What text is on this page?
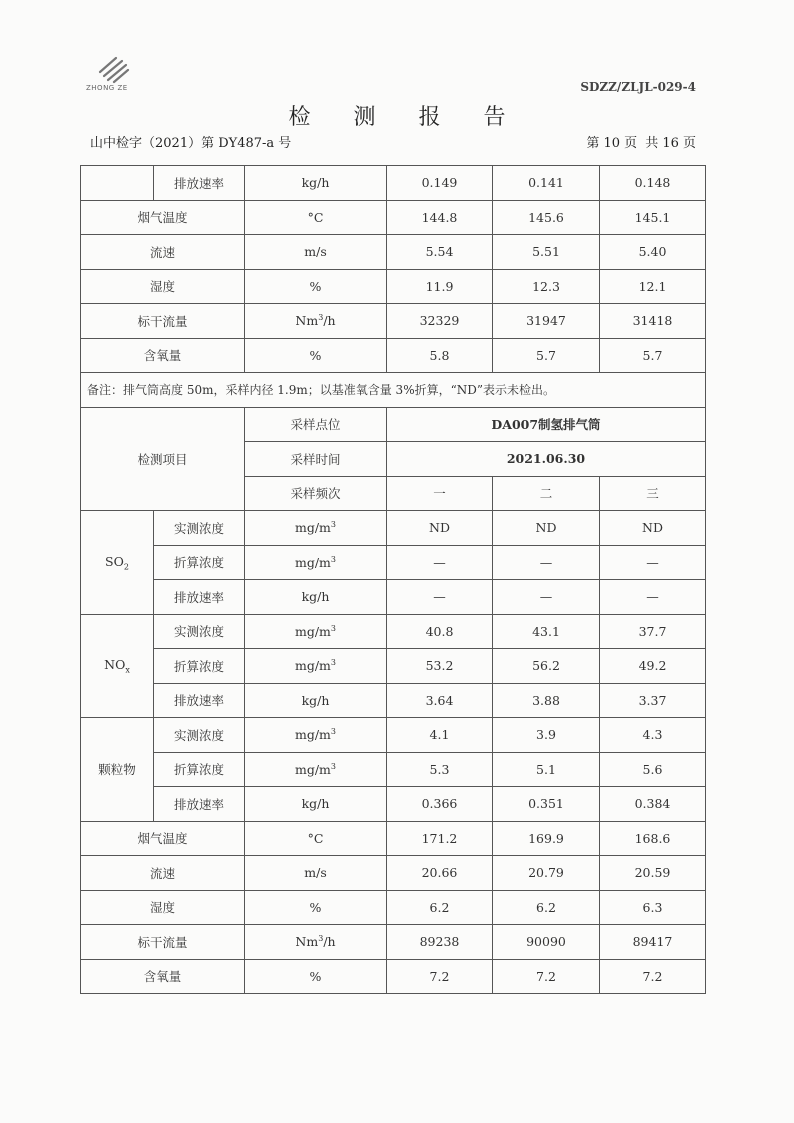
ZHONG ZE	SDZZ/ZLJL-029-4
检 测 报 告
山中检字（2021）第 DY487-a 号	第 10 页 共 16 页
	排放速率	kg/h	0.149	0.141	0.148
烟气温度		°C	144.8	145.6	145.1
流速		m/s	5.54	5.51	5.40
湿度		%	11.9	12.3	12.1
标干流量		Nm$^3$/h	32329	31947	31418
含氧量		%	5.8	5.7	5.7
备注：排气筒高度 50m，采样内径 1.9m；以基准氧含量 3%折算，“ND”表示未检出。					
检测项目		采样点位	DA007制氢排气筒		
		采样时间	2021.06.30		
		采样频次	一	二	三
$SO_2$	实测浓度	$mg/m^3$	ND	ND	ND
	折算浓度	$mg/m^3$	—	—	—
	排放速率	kg/h	—	—	—
$NO_x$	实测浓度	$mg/m^3$	40.8	43.1	37.7
	折算浓度	$mg/m^3$	53.2	56.2	49.2
	排放速率	kg/h	3.64	3.88	3.37
颗粒物	实测浓度	$mg/m^3$	4.1	3.9	4.3
	折算浓度	$mg/m^3$	5.3	5.1	5.6
	排放速率	kg/h	0.366	0.351	0.384
烟气温度		°C	171.2	169.9	168.6
流速		m/s	20.66	20.79	20.59
湿度		%	6.2	6.2	6.3
标干流量		Nm$^3$/h	89238	90090	89417
含氧量		%	7.2	7.2	7.2
